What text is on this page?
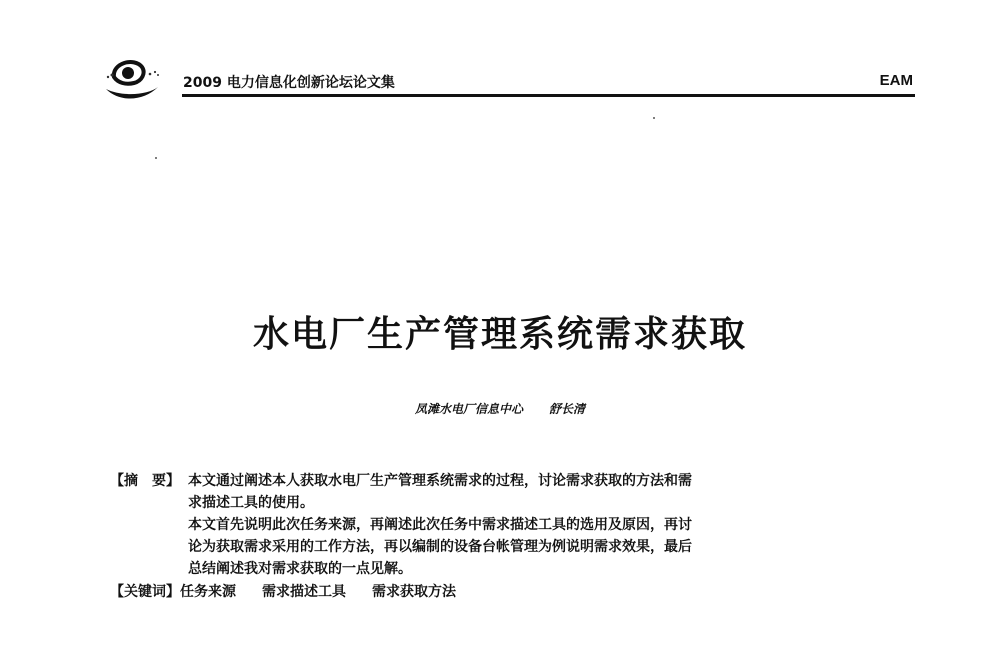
2009 电力信息化创新论坛论文集	EAM
水电厂生产管理系统需求获取
凤滩水电厂信息中心 舒长清
【摘　要】 本文通过阐述本人获取水电厂生产管理系统需求的过程，讨论需求获取的方法和需
求描述工具的使用。

本文首先说明此次任务来源，再阐述此次任务中需求描述工具的选用及原因，再讨
论为获取需求采用的工作方法，再以编制的设备台帐管理为例说明需求效果，最后
总结阐述我对需求获取的一点见解。

【关键词】 任务来源 需求描述工具 需求获取方法
